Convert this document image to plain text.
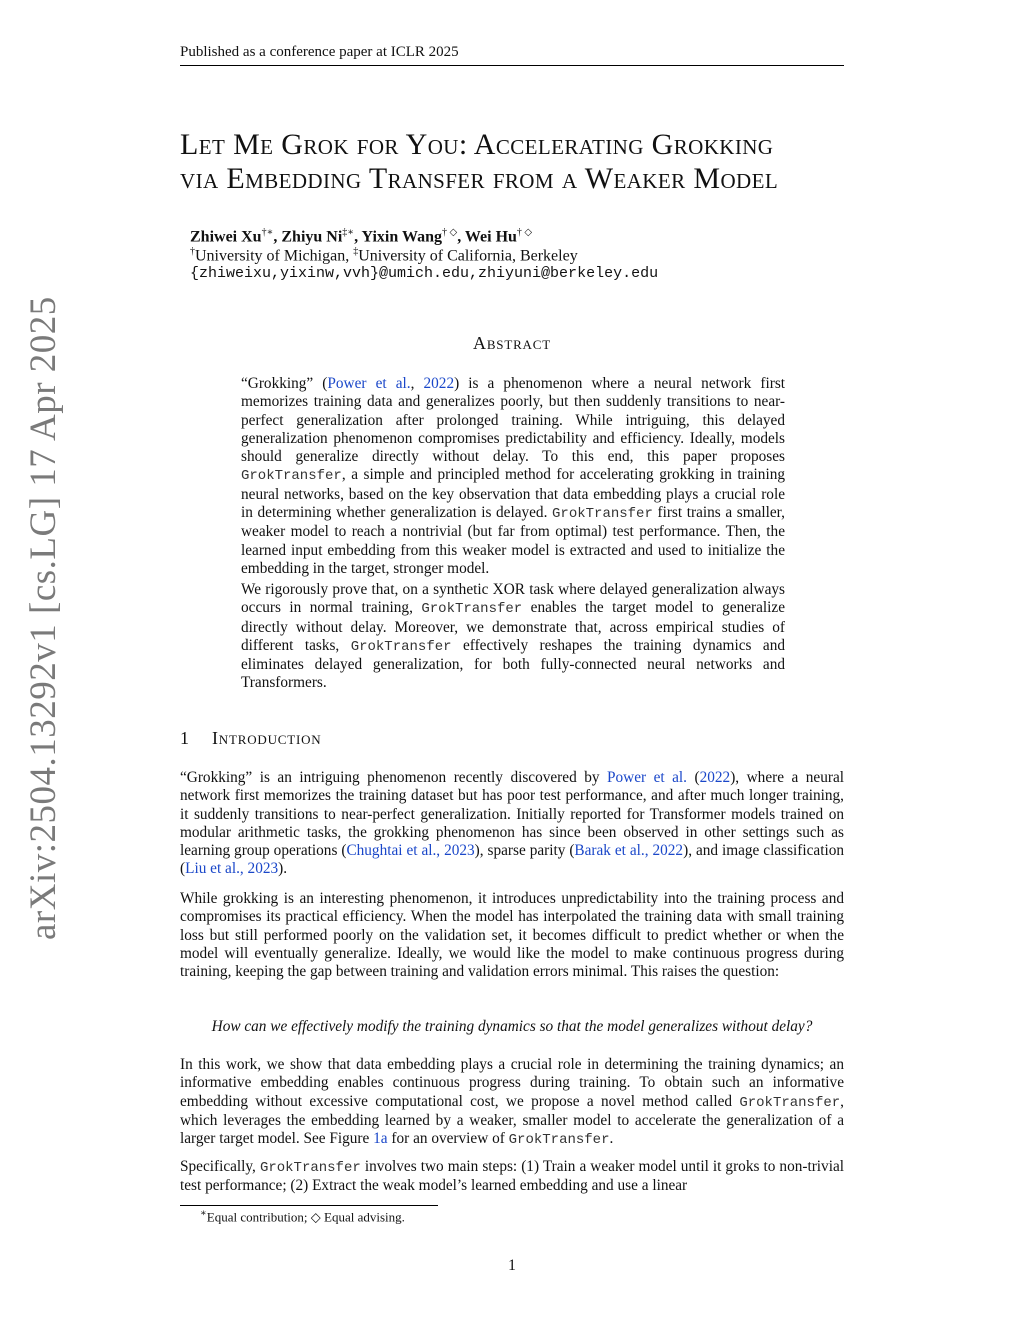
Published as a conference paper at ICLR 2025
arXiv:2504.13292v1 [cs.LG] 17 Apr 2025
Let Me Grok for You: Accelerating Grokking
via Embedding Transfer from a Weaker Model
Zhiwei Xu†∗, Zhiyu Ni‡∗, Yixin Wang† ◇, Wei Hu† ◇
†University of Michigan, ‡University of California, Berkeley
{zhiweixu,yixinw,vvh}@umich.edu,zhiyuni@berkeley.edu
Abstract
“Grokking” (Power et al., 2022) is a phenomenon where a neural network first memorizes training data and generalizes poorly, but then suddenly transitions to near-perfect generalization after prolonged training. While intriguing, this delayed generalization phenomenon compromises predictability and efficiency. Ideally, models should generalize directly without delay. To this end, this paper proposes GrokTransfer, a simple and principled method for accelerating grokking in training neural networks, based on the key observation that data embedding plays a crucial role in determining whether generalization is delayed. GrokTransfer first trains a smaller, weaker model to reach a nontrivial (but far from optimal) test performance. Then, the learned input embedding from this weaker model is extracted and used to initialize the embedding in the target, stronger model.
We rigorously prove that, on a synthetic XOR task where delayed generalization always occurs in normal training, GrokTransfer enables the target model to generalize directly without delay. Moreover, we demonstrate that, across empirical studies of different tasks, GrokTransfer effectively reshapes the training dynamics and eliminates delayed generalization, for both fully-connected neural networks and Transformers.
1 Introduction
“Grokking” is an intriguing phenomenon recently discovered by Power et al. (2022), where a neural network first memorizes the training dataset but has poor test performance, and after much longer training, it suddenly transitions to near-perfect generalization. Initially reported for Transformer models trained on modular arithmetic tasks, the grokking phenomenon has since been observed in other settings such as learning group operations (Chughtai et al., 2023), sparse parity (Barak et al., 2022), and image classification (Liu et al., 2023).
While grokking is an interesting phenomenon, it introduces unpredictability into the training process and compromises its practical efficiency. When the model has interpolated the training data with small training loss but still performed poorly on the validation set, it becomes difficult to predict whether or when the model will eventually generalize. Ideally, we would like the model to make continuous progress during training, keeping the gap between training and validation errors minimal. This raises the question:
How can we effectively modify the training dynamics so that the model generalizes without delay?
In this work, we show that data embedding plays a crucial role in determining the training dynamics; an informative embedding enables continuous progress during training. To obtain such an informative embedding without excessive computational cost, we propose a novel method called GrokTransfer, which leverages the embedding learned by a weaker, smaller model to accelerate the generalization of a larger target model. See Figure 1a for an overview of GrokTransfer.
Specifically, GrokTransfer involves two main steps: (1) Train a weaker model until it groks to non-trivial test performance; (2) Extract the weak model’s learned embedding and use a linear
∗Equal contribution; ◇ Equal advising.
1
